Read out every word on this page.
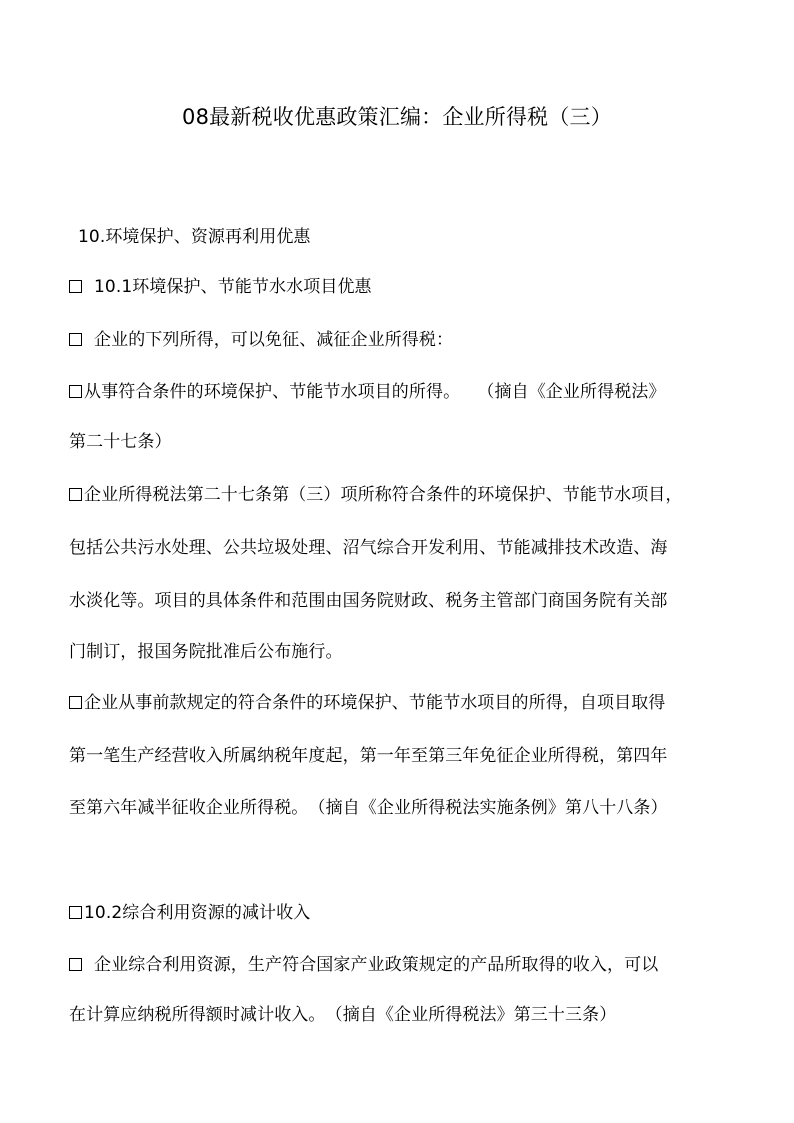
08最新税收优惠政策汇编：企业所得税（三）
10.环境保护、资源再利用优惠
10.1环境保护、节能节水水项目优惠
企业的下列所得，可以免征、减征企业所得税：
从事符合条件的环境保护、节能节水项目的所得。　　（摘自《企业所得税法》
第二十七条）
企业所得税法第二十七条第（三）项所称符合条件的环境保护、节能节水项目，
包括公共污水处理、公共垃圾处理、沼气综合开发利用、节能减排技术改造、海
水淡化等。项目的具体条件和范围由国务院财政、税务主管部门商国务院有关部
门制订，报国务院批准后公布施行。
企业从事前款规定的符合条件的环境保护、节能节水项目的所得，自项目取得
第一笔生产经营收入所属纳税年度起，第一年至第三年免征企业所得税，第四年
至第六年减半征收企业所得税。　（摘自《企业所得税法实施条例》第八十八条）
10.2综合利用资源的减计收入
企业综合利用资源，生产符合国家产业政策规定的产品所取得的收入，可以
在计算应纳税所得额时减计收入。　（摘自《企业所得税法》第三十三条）
